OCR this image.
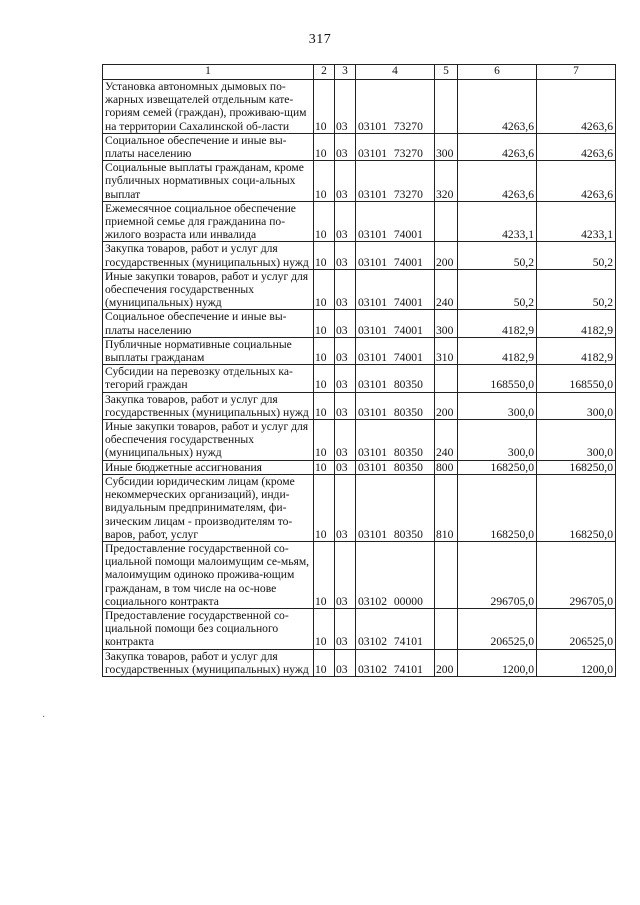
317
1	2	3	4	5	6	7
Установка автономных дымовых по-жарных извещателей отдельным кате-гориям семей (граждан), проживаю-щим на территории Сахалинской об-ласти	10	03	03101 73270		4263,6	4263,6
Социальное обеспечение и иные вы-платы населению	10	03	03101 73270	300	4263,6	4263,6
Социальные выплаты гражданам, кроме публичных нормативных соци-альных выплат	10	03	03101 73270	320	4263,6	4263,6
Ежемесячное социальное обеспечение приемной семье для гражданина по-жилого возраста или инвалида	10	03	03101 74001		4233,1	4233,1
Закупка товаров, работ и услуг для государственных (муниципальных) нужд	10	03	03101 74001	200	50,2	50,2
Иные закупки товаров, работ и услуг для обеспечения государственных (муниципальных) нужд	10	03	03101 74001	240	50,2	50,2
Социальное обеспечение и иные вы-платы населению	10	03	03101 74001	300	4182,9	4182,9
Публичные нормативные социальные выплаты гражданам	10	03	03101 74001	310	4182,9	4182,9
Субсидии на перевозку отдельных ка-тегорий граждан	10	03	03101 80350		168550,0	168550,0
Закупка товаров, работ и услуг для государственных (муниципальных) нужд	10	03	03101 80350	200	300,0	300,0
Иные закупки товаров, работ и услуг для обеспечения государственных (муниципальных) нужд	10	03	03101 80350	240	300,0	300,0
Иные бюджетные ассигнования	10	03	03101 80350	800	168250,0	168250,0
Субсидии юридическим лицам (кроме некоммерческих организаций), инди-видуальным предпринимателям, фи-зическим лицам - производителям то-варов, работ, услуг	10	03	03101 80350	810	168250,0	168250,0
Предоставление государственной со-циальной помощи малоимущим се-мьям, малоимущим одиноко прожива-ющим гражданам, в том числе на ос-нове социального контракта	10	03	03102 00000		296705,0	296705,0
Предоставление государственной со-циальной помощи без социального контракта	10	03	03102 74101		206525,0	206525,0
Закупка товаров, работ и услуг для государственных (муниципальных) нужд	10	03	03102 74101	200	1200,0	1200,0
·
